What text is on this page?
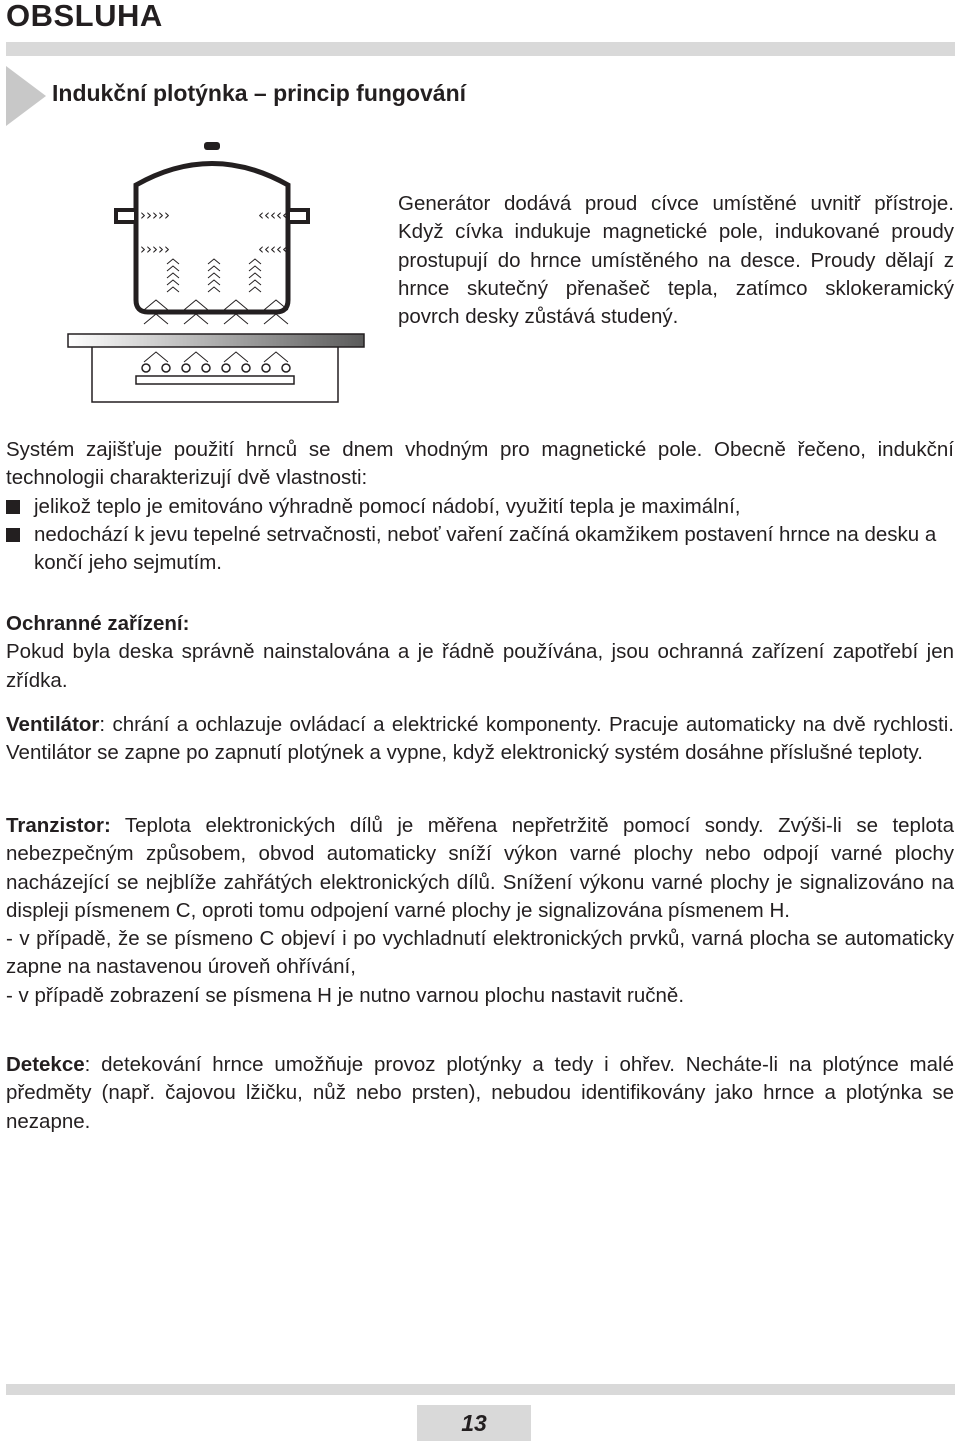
OBSLUHA
Indukční plotýnka – princip fungování
›››››	‹‹‹‹‹
›››››	‹‹‹‹‹
Generátor dodává proud cívce umístěné uvnitř přístroje. Když cívka indukuje magnetické pole, indukované proudy prostupují do hrnce umístěného na desce. Proudy dělají z hrnce skutečný přenašeč tepla, zatímco sklokeramický povrch desky zůstává studený.

Systém zajišťuje použití hrnců se dnem vhodným pro magnetické pole. Obecně řečeno, indukční technologii charakterizují dvě vlastnosti:

jelikož teplo je emitováno výhradně pomocí nádobí, využití tepla je maximální,
nedochází k jevu tepelné setrvačnosti, neboť vaření začíná okamžikem postavení hrnce na desku a končí jeho sejmutím.

Ochranné zařízení:

Pokud byla deska správně nainstalována a je řádně používána, jsou ochranná zařízení zapotřebí jen zřídka.

Ventilátor: chrání a ochlazuje ovládací a elektrické komponenty. Pracuje automaticky na dvě rychlosti. Ventilátor se zapne po zapnutí plotýnek a vypne, když elektronický systém dosáhne příslušné teploty.

Tranzistor: Teplota elektronických dílů je měřena nepřetržitě pomocí sondy. Zvýši-li se teplota nebezpečným způsobem, obvod automaticky sníží výkon varné plochy nebo odpojí varné plochy nacházející se nejblíže zahřátých elektronických dílů. Snížení výkonu varné plochy je signalizováno na displeji písmenem C, oproti tomu odpojení varné plochy je signalizována písmenem H.

- v případě, že se písmeno C objeví i po vychladnutí elektronických prvků, varná plocha se automaticky zapne na nastavenou úroveň ohřívání,

- v případě zobrazení se písmena H je nutno varnou plochu nastavit ručně.

Detekce: detekování hrnce umožňuje provoz plotýnky a tedy i ohřev. Necháte-li na plotýnce malé předměty (např. čajovou lžičku, nůž nebo prsten), nebudou identifikovány jako hrnce a plotýnka se nezapne.

13
